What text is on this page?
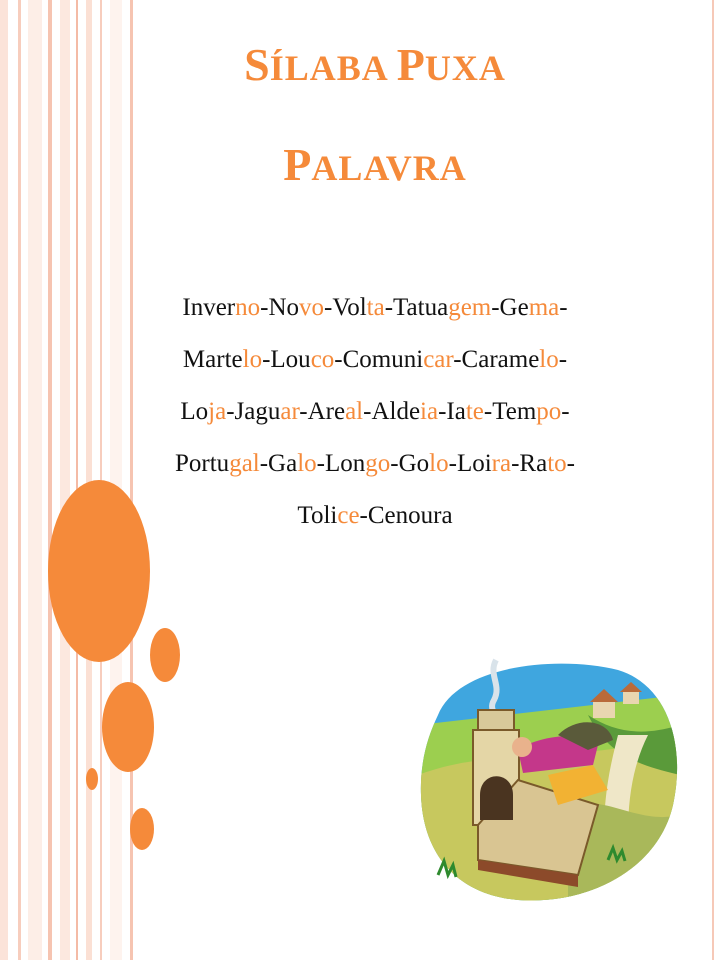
SÍLABA PUXA
PALAVRA
Inverno-Novo-Volta-Tatuagem-Gema-
Martelo-Louco-Comunicar-Caramelo-
Loja-Jaguar-Areal-Aldeia-Iate-Tempo-
Portugal-Galo-Longo-Golo-Loira-Rato-
Tolice-Cenoura
